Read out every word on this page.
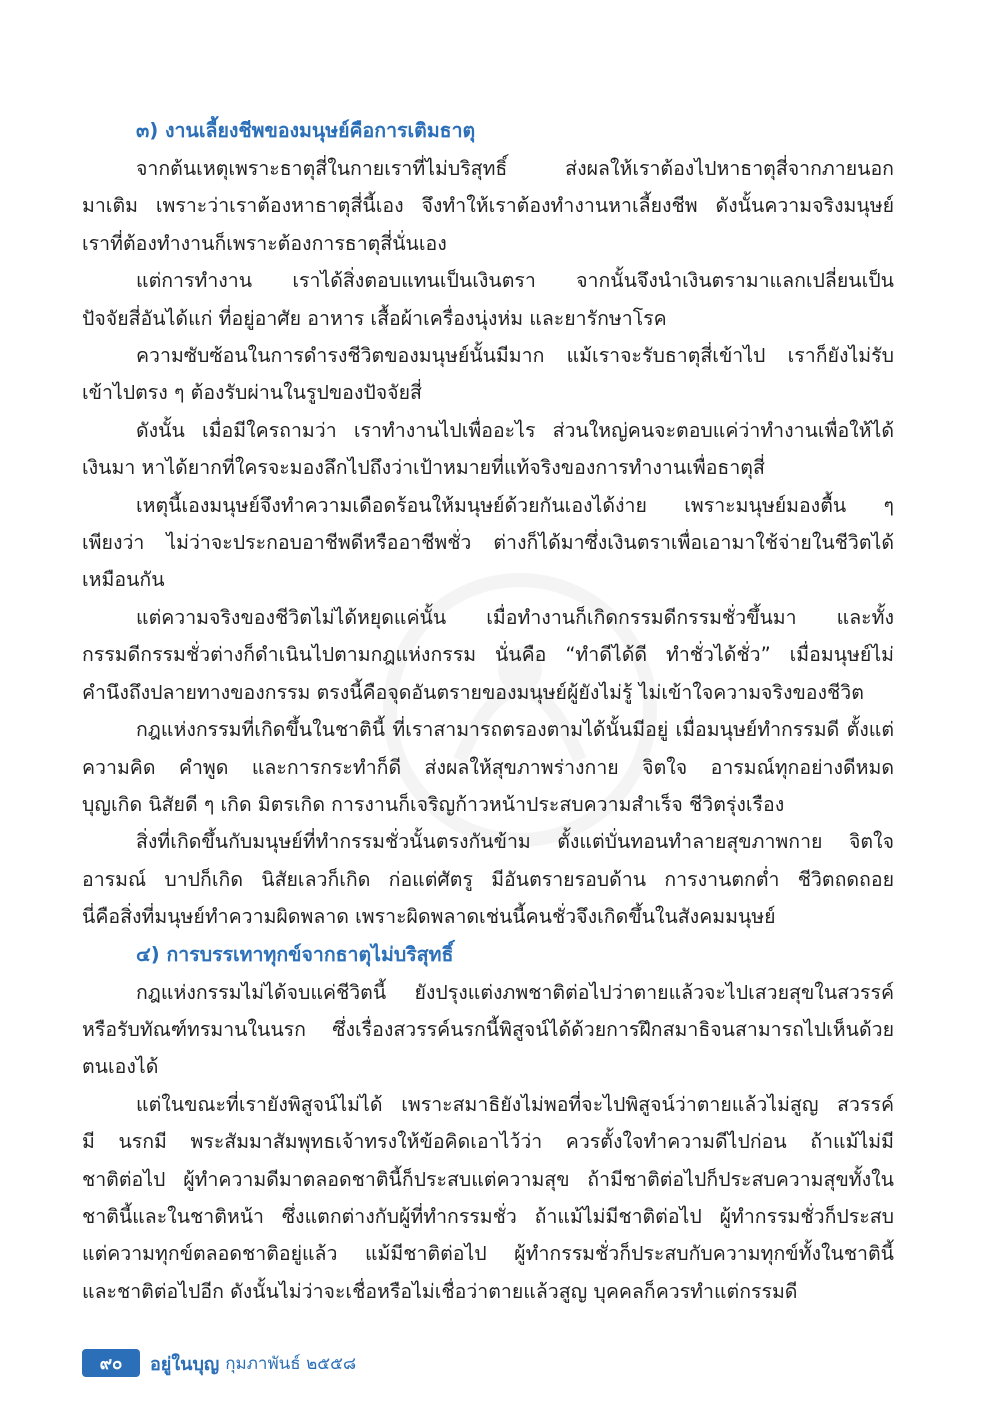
๓) งานเลี้ยงชีพของมนุษย์คือการเติมธาตุ
จากต้นเหตุเพราะธาตุสี่ในกายเราที่ไม่บริสุทธิ์ ส่งผลให้เราต้องไปหาธาตุสี่จากภายนอก
มาเติม เพราะว่าเราต้องหาธาตุสี่นี้เอง จึงทำให้เราต้องทำงานหาเลี้ยงชีพ ดังนั้นความจริงมนุษย์
เราที่ต้องทำงานก็เพราะต้องการธาตุสี่นั่นเอง
แต่การทำงาน เราได้สิ่งตอบแทนเป็นเงินตรา จากนั้นจึงนำเงินตรามาแลกเปลี่ยนเป็น
ปัจจัยสี่อันได้แก่ ที่อยู่อาศัย อาหาร เสื้อผ้าเครื่องนุ่งห่ม และยารักษาโรค
ความซับซ้อนในการดำรงชีวิตของมนุษย์นั้นมีมาก แม้เราจะรับธาตุสี่เข้าไป เราก็ยังไม่รับ
เข้าไปตรง ๆ ต้องรับผ่านในรูปของปัจจัยสี่
ดังนั้น เมื่อมีใครถามว่า เราทำงานไปเพื่ออะไร ส่วนใหญ่คนจะตอบแค่ว่าทำงานเพื่อให้ได้
เงินมา หาได้ยากที่ใครจะมองลึกไปถึงว่าเป้าหมายที่แท้จริงของการทำงานเพื่อธาตุสี่
เหตุนี้เองมนุษย์จึงทำความเดือดร้อนให้มนุษย์ด้วยกันเองได้ง่าย เพราะมนุษย์มองตื้น ๆ
เพียงว่า ไม่ว่าจะประกอบอาชีพดีหรืออาชีพชั่ว ต่างก็ได้มาซึ่งเงินตราเพื่อเอามาใช้จ่ายในชีวิตได้
เหมือนกัน
แต่ความจริงของชีวิตไม่ได้หยุดแค่นั้น เมื่อทำงานก็เกิดกรรมดีกรรมชั่วขึ้นมา และทั้ง
กรรมดีกรรมชั่วต่างก็ดำเนินไปตามกฎแห่งกรรม นั่นคือ “ทำดีได้ดี ทำชั่วได้ชั่ว” เมื่อมนุษย์ไม่
คำนึงถึงปลายทางของกรรม ตรงนี้คือจุดอันตรายของมนุษย์ผู้ยังไม่รู้ ไม่เข้าใจความจริงของชีวิต
กฎแห่งกรรมที่เกิดขึ้นในชาตินี้ ที่เราสามารถตรองตามได้นั้นมีอยู่ เมื่อมนุษย์ทำกรรมดี ตั้งแต่
ความคิด คำพูด และการกระทำก็ดี ส่งผลให้สุขภาพร่างกาย จิตใจ อารมณ์ทุกอย่างดีหมด
บุญเกิด นิสัยดี ๆ เกิด มิตรเกิด การงานก็เจริญก้าวหน้าประสบความสำเร็จ ชีวิตรุ่งเรือง
สิ่งที่เกิดขึ้นกับมนุษย์ที่ทำกรรมชั่วนั้นตรงกันข้าม ตั้งแต่บั่นทอนทำลายสุขภาพกาย จิตใจ
อารมณ์ บาปก็เกิด นิสัยเลวก็เกิด ก่อแต่ศัตรู มีอันตรายรอบด้าน การงานตกต่ำ ชีวิตถดถอย
นี่คือสิ่งที่มนุษย์ทำความผิดพลาด เพราะผิดพลาดเช่นนี้คนชั่วจึงเกิดขึ้นในสังคมมนุษย์
๔) การบรรเทาทุกข์จากธาตุไม่บริสุทธิ์
กฎแห่งกรรมไม่ได้จบแค่ชีวิตนี้ ยังปรุงแต่งภพชาติต่อไปว่าตายแล้วจะไปเสวยสุขในสวรรค์
หรือรับทัณฑ์ทรมานในนรก ซึ่งเรื่องสวรรค์นรกนี้พิสูจน์ได้ด้วยการฝึกสมาธิจนสามารถไปเห็นด้วย
ตนเองได้
แต่ในขณะที่เรายังพิสูจน์ไม่ได้ เพราะสมาธิยังไม่พอที่จะไปพิสูจน์ว่าตายแล้วไม่สูญ สวรรค์
มี นรกมี พระสัมมาสัมพุทธเจ้าทรงให้ข้อคิดเอาไว้ว่า ควรตั้งใจทำความดีไปก่อน ถ้าแม้ไม่มี
ชาติต่อไป ผู้ทำความดีมาตลอดชาตินี้ก็ประสบแต่ความสุข ถ้ามีชาติต่อไปก็ประสบความสุขทั้งใน
ชาตินี้และในชาติหน้า ซึ่งแตกต่างกับผู้ที่ทำกรรมชั่ว ถ้าแม้ไม่มีชาติต่อไป ผู้ทำกรรมชั่วก็ประสบ
แต่ความทุกข์ตลอดชาติอยู่แล้ว แม้มีชาติต่อไป ผู้ทำกรรมชั่วก็ประสบกับความทุกข์ทั้งในชาตินี้
และชาติต่อไปอีก ดังนั้นไม่ว่าจะเชื่อหรือไม่เชื่อว่าตายแล้วสูญ บุคคลก็ควรทำแต่กรรมดี
๙๐	อยู่ในบุญ กุมภาพันธ์ ๒๕๕๘
